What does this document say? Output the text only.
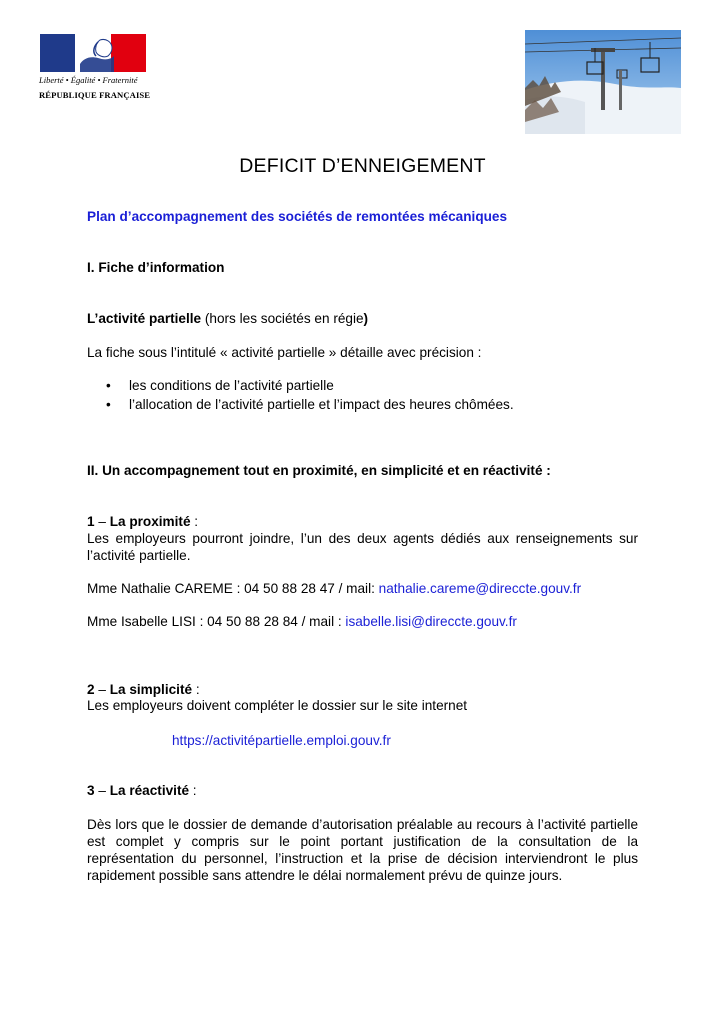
Liberté • Égalité • Fraternité
RÉPUBLIQUE FRANÇAISE
DEFICIT D’ENNEIGEMENT
Plan d’accompagnement des sociétés de remontées mécaniques
I. Fiche d’information
L’activité partielle (hors les sociétés en régie)
La fiche sous l’intitulé « activité partielle » détaille avec précision :
• les conditions de l’activité partielle
• l’allocation de l’activité partielle et l’impact des heures chômées.
II. Un accompagnement tout en proximité, en simplicité et en réactivité :
1 – La proximité :
Les employeurs pourront joindre, l’un des deux agents dédiés aux renseignements sur l’activité partielle.
Mme Nathalie CAREME : 04 50 88 28 47 / mail: nathalie.careme@direccte.gouv.fr
Mme Isabelle LISI : 04 50 88 28 84 / mail : isabelle.lisi@direccte.gouv.fr
2 – La simplicité :
Les employeurs doivent compléter le dossier sur le site internet
https://activitépartielle.emploi.gouv.fr
3 – La réactivité :
Dès lors que le dossier de demande d’autorisation préalable au recours à l’activité partielle est complet y compris sur le point portant justification de la consultation de la représentation du personnel, l’instruction et la prise de décision interviendront le plus rapidement possible sans attendre le délai normalement prévu de quinze jours.
